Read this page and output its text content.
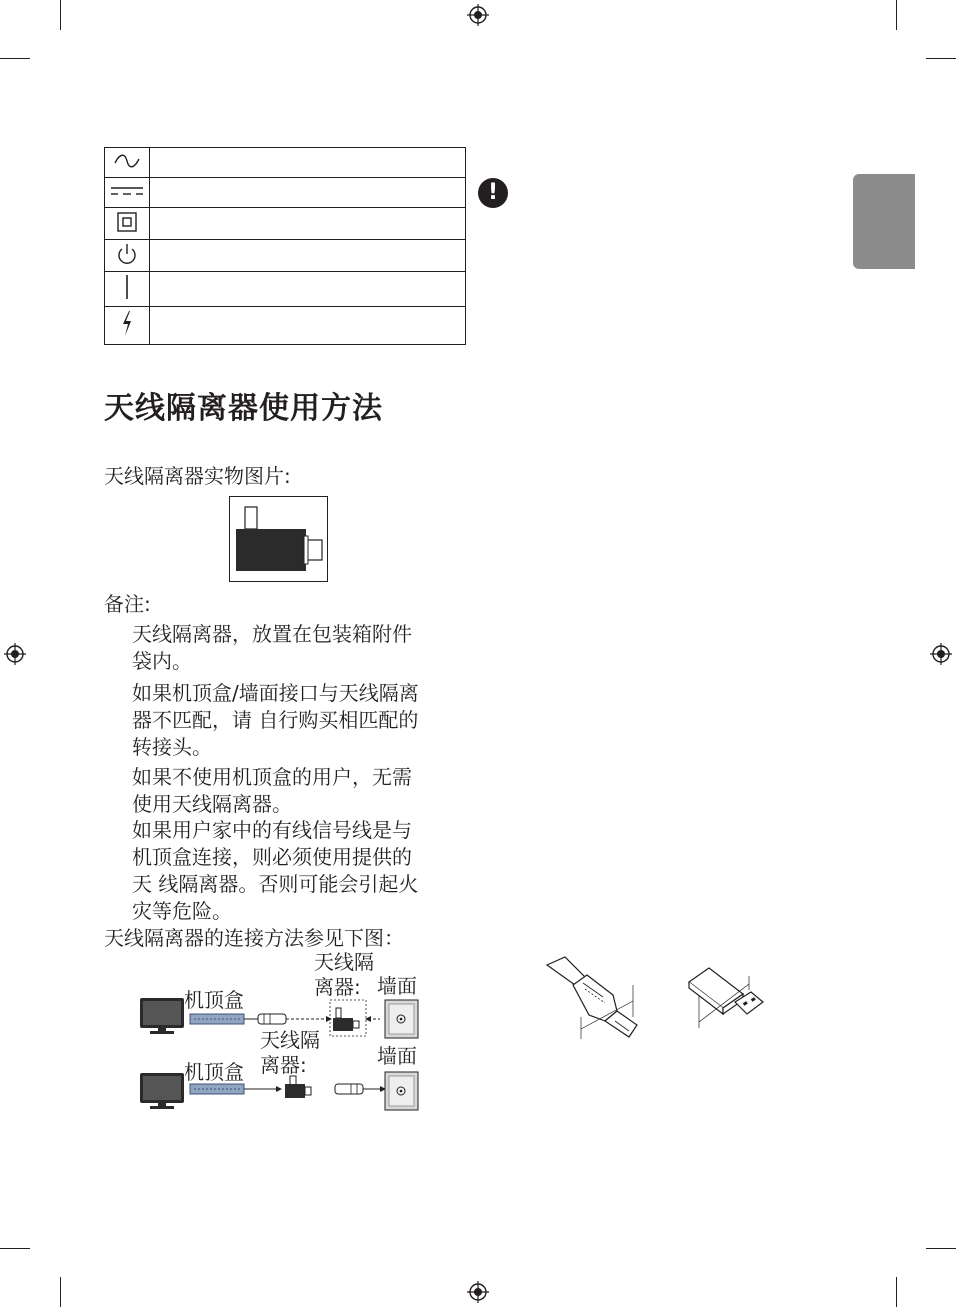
天线隔离器使用方法
天线隔离器实物图片:
备注:
天线隔离器，放置在包装箱附件
袋内。
如果机顶盒/墙面接口与天线隔离
器不匹配，请 自行购买相匹配的
转接头。
如果不使用机顶盒的用户，无需
使用天线隔离器。
如果用户家中的有线信号线是与
机顶盒连接，则必须使用提供的
天 线隔离器。否则可能会引起火
灾等危险。
天线隔离器的连接方法参见下图：
机顶盒
天线隔
离器: 墙面
机顶盒
天线隔
离器:	墙面
!
